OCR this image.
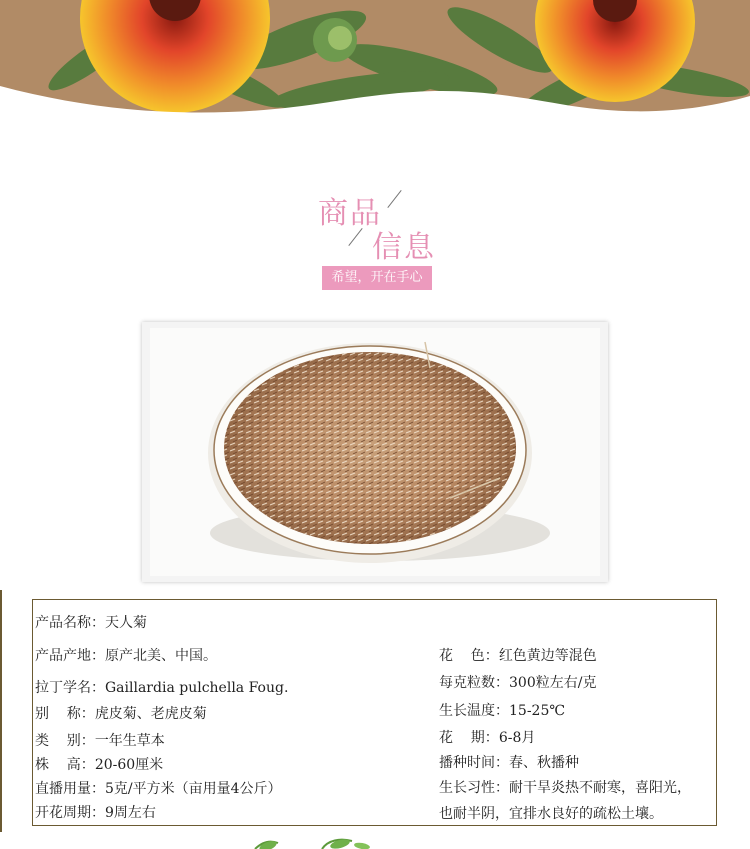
商品
信息
希望，开在手心
产品名称：天人菊
产品产地：原产北美、中国。
拉丁学名：Gaillardia pulchella Foug.
别    称：虎皮菊、老虎皮菊
类    别：一年生草本
株    高：20-60厘米
直播用量：5克/平方米（亩用量4公斤）
开花周期：9周左右
花    色：红色黄边等混色
每克粒数：300粒左右/克
生长温度：15-25℃
花    期：6-8月
播种时间：春、秋播种
生长习性：耐干旱炎热不耐寒，喜阳光，
也耐半阴，宜排水良好的疏松土壤。
